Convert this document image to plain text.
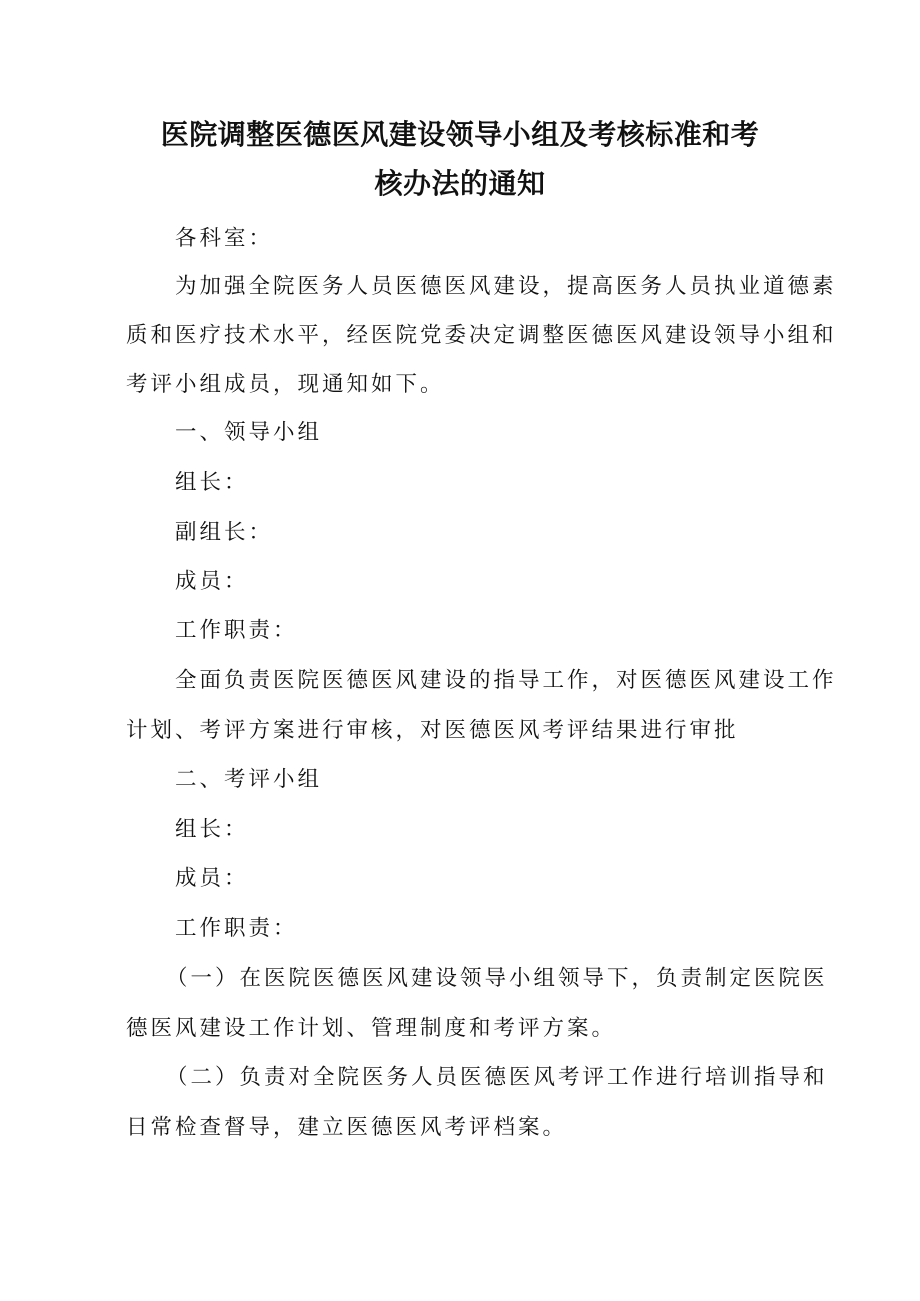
医院调整医德医风建设领导小组及考核标准和考
核办法的通知
各科室：
为加强全院医务人员医德医风建设，提高医务人员执业道德素
质和医疗技术水平，经医院党委决定调整医德医风建设领导小组和
考评小组成员，现通知如下。
一、领导小组
组长：
副组长：
成员：
工作职责：
全面负责医院医德医风建设的指导工作，对医德医风建设工作
计划、考评方案进行审核，对医德医风考评结果进行审批
二、考评小组
组长：
成员：
工作职责：
（一）在医院医德医风建设领导小组领导下，负责制定医院医
德医风建设工作计划、管理制度和考评方案。
（二）负责对全院医务人员医德医风考评工作进行培训指导和
日常检查督导，建立医德医风考评档案。
